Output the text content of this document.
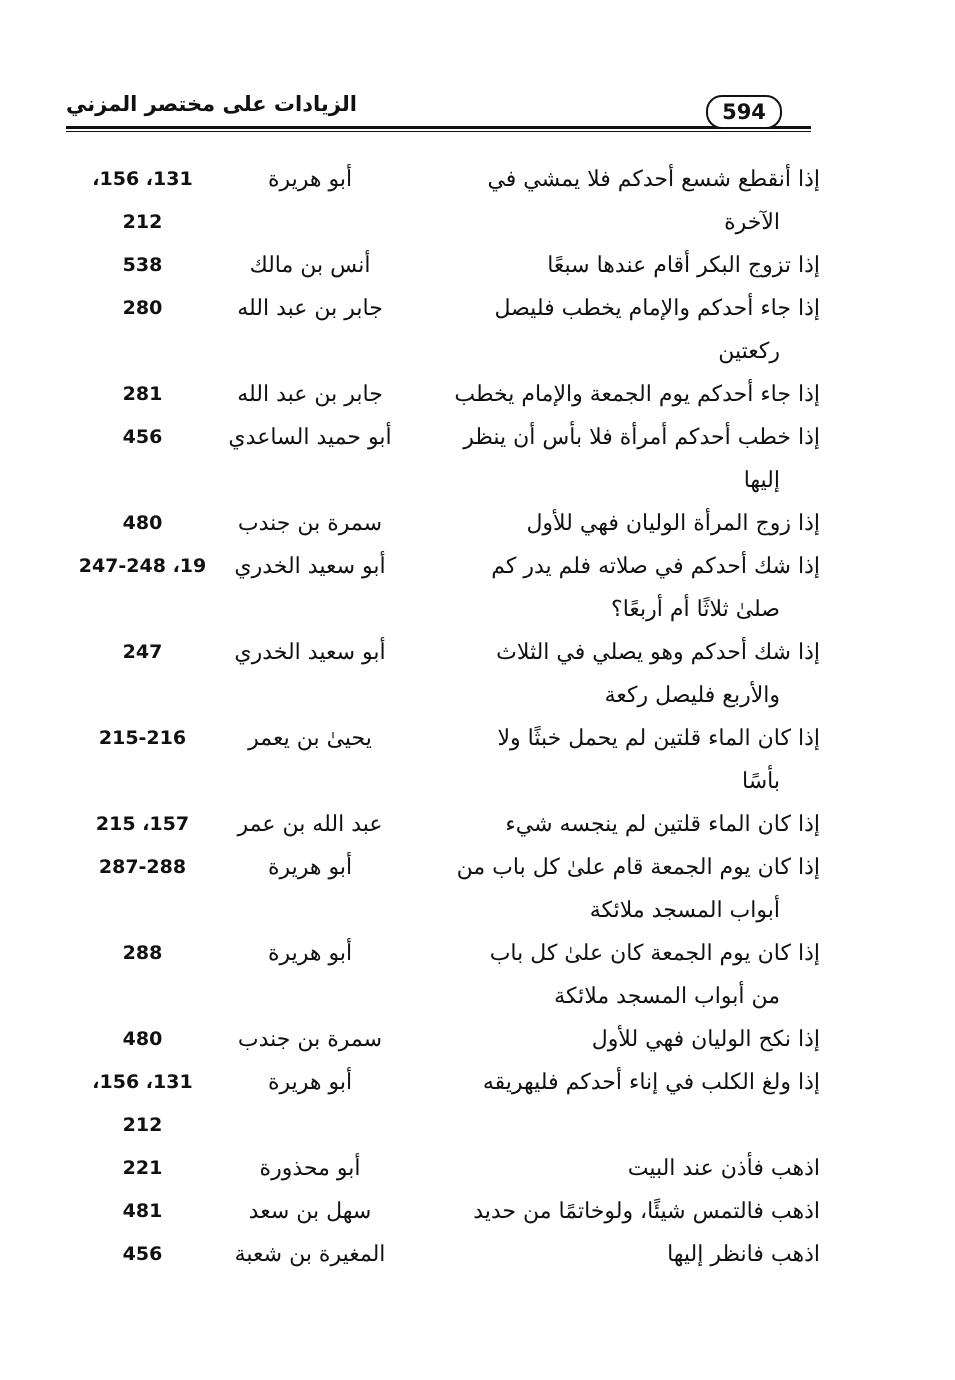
الزيادات على مختصر المزني	594
إذا أنقطع شسع أحدكم فلا يمشي في
الآخرة
أبو هريرة
131، 156،
212
إذا تزوج البكر أقام عندها سبعًا
أنس بن مالك
538
إذا جاء أحدكم والإمام يخطب فليصل
ركعتين
جابر بن عبد الله
280
إذا جاء أحدكم يوم الجمعة والإمام يخطب
جابر بن عبد الله
281
إذا خطب أحدكم أمرأة فلا بأس أن ينظر
إليها
أبو حميد الساعدي
456
إذا زوج المرأة الوليان فهي للأول
سمرة بن جندب
480
إذا شك أحدكم في صلاته فلم يدر كم
صلىٰ ثلاثًا أم أربعًا؟
أبو سعيد الخدري
19، 247-248
إذا شك أحدكم وهو يصلي في الثلاث
والأربع فليصل ركعة
أبو سعيد الخدري
247
إذا كان الماء قلتين لم يحمل خبثًا ولا
بأسًا
يحيىٰ بن يعمر
215-216
إذا كان الماء قلتين لم ينجسه شيء
عبد الله بن عمر
157، 215
إذا كان يوم الجمعة قام علىٰ كل باب من
أبواب المسجد ملائكة
أبو هريرة
287-288
إذا كان يوم الجمعة كان علىٰ كل باب
من أبواب المسجد ملائكة
أبو هريرة
288
إذا نكح الوليان فهي للأول
سمرة بن جندب
480
إذا ولغ الكلب في إناء أحدكم فليهريقه
أبو هريرة
131، 156،
212
اذهب فأذن عند البيت
أبو محذورة
221
اذهب فالتمس شيئًا، ولوخاتمًا من حديد
سهل بن سعد
481
اذهب فانظر إليها
المغيرة بن شعبة
456
